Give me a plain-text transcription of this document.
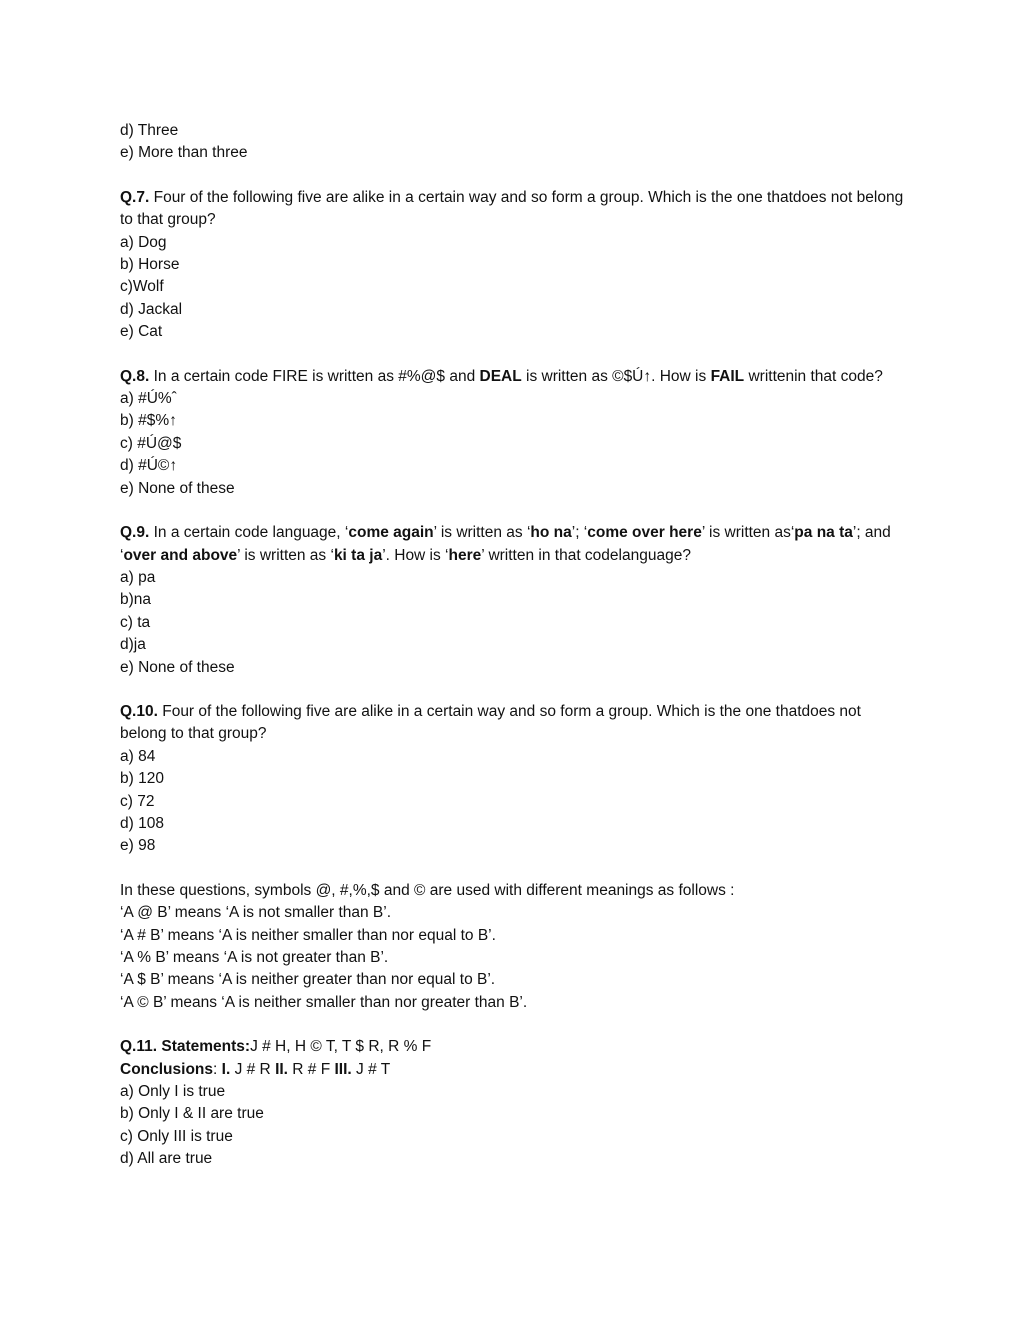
d) Three
e) More than three
Q.7. Four of the following five are alike in a certain way and so form a group. Which is the one thatdoes not belong to that group?
a) Dog
b) Horse
c)Wolf
d) Jackal
e) Cat
Q.8. In a certain code FIRE is written as #%@$ and DEAL is written as ©$Ú↑. How is FAIL writtenin that code?
a) #Ú%ˆ
b) #$%↑
c) #Ú@$
d) #Ú©↑
e) None of these
Q.9. In a certain code language, ‘come again’ is written as ‘ho na’; ‘come over here’ is written as‘pa na ta’; and ‘over and above’ is written as ‘ki ta ja’. How is ‘here’ written in that codelanguage?
a) pa
b)na
c) ta
d)ja
e) None of these
Q.10. Four of the following five are alike in a certain way and so form a group. Which is the one thatdoes not belong to that group?
a) 84
b) 120
c) 72
d) 108
e) 98
In these questions, symbols @, #,%,$ and © are used with different meanings as follows :
‘A @ B’ means ‘A is not smaller than B’.
‘A # B’ means ‘A is neither smaller than nor equal to B’.
‘A % B’ means ‘A is not greater than B’.
‘A $ B’ means ‘A is neither greater than nor equal to B’.
‘A © B’ means ‘A is neither smaller than nor greater than B’.
Q.11. Statements:J # H, H © T, T $ R, R % F
Conclusions: I. J # R II. R # F III. J # T
a) Only I is true
b) Only I & II are true
c) Only III is true
d) All are true
